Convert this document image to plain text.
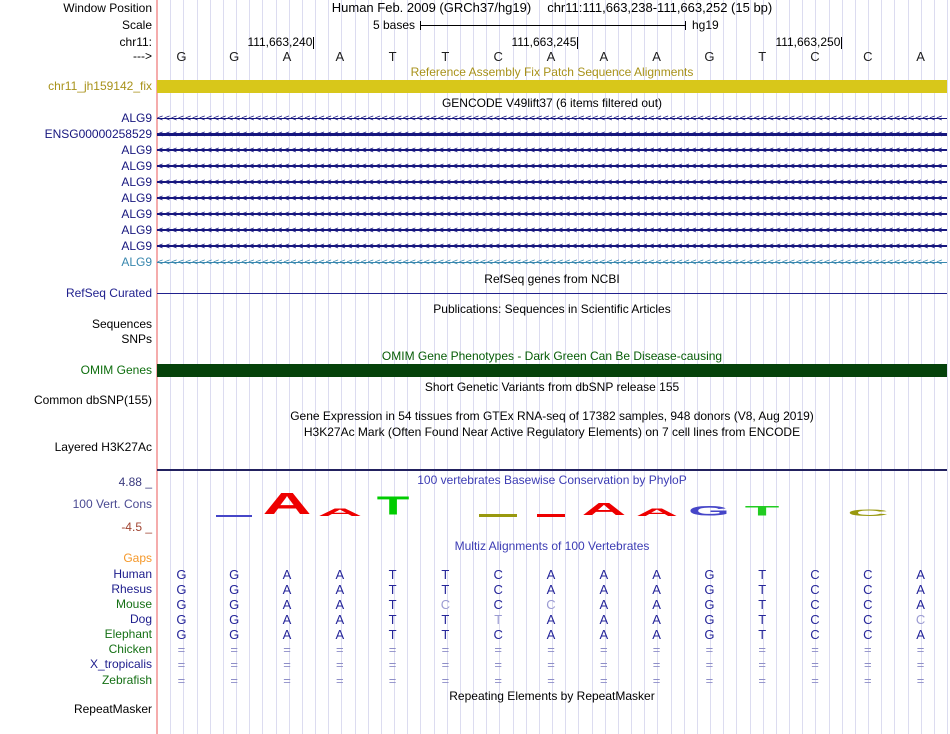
Window Position	Human Feb. 2009 (GRCh37/hg19) chr11:111,663,238-111,663,252 (15 bp)
Scale	5 bases	hg19
chr11:
--->
Reference Assembly Fix Patch Sequence Alignments
chr11_jh159142_fix
GENCODE V49lift37 (6 items filtered out)
RefSeq genes from NCBI
RefSeq Curated
Publications: Sequences in Scientific Articles
Sequences
SNPs
OMIM Gene Phenotypes - Dark Green Can Be Disease-causing
OMIM Genes
Short Genetic Variants from dbSNP release 155
Common dbSNP(155)
Gene Expression in 54 tissues from GTEx RNA-seq of 17382 samples, 948 donors (V8, Aug 2019)
H3K27Ac Mark (Often Found Near Active Regulatory Elements) on 7 cell lines from ENCODE
Layered H3K27Ac
100 vertebrates Basewise Conservation by PhyloP
4.88 _
100 Vert. Cons
-4.5 _
A A T	A A G T	C
Multiz Alignments of 100 Vertebrates
Gaps
Repeating Elements by RepeatMasker
RepeatMasker
111,663,240	111,663,245	111,663,250
G	G	A	A	T	T	C	A	A	A	G	T	C	C	A
ALG9 <<<<<<<<<<<<<<<<<<<<<<<<<<<<<<<<<<<<<<<<<<<<<<<<<<<<<<<<<<<<<<<<<<<<<<<<<<<<<<<<<<<<<<<<<<<<<<<<<<<<<<<<<<<<<<<<
ENSG00000258529 <<<<<<<<<<<<<<<<<<<<<<<<<<<<<<<<<<<<<<<<<<<<<<<<<<<<<<<<<<<<<<<<<<<<<<<<<<<<<<<<<<<<<<<<<<<<<<<<<<<<<<<<<<<<<<<<
ALG9 <<<<<<<<<<<<<<<<<<<<<<<<<<<<<<<<<<<<<<<<<<<<<<<<<<<<<<<<<<<<<<<<<<<<<<<<<<<<<<<<<<<<<<<<<<<<<<<<<<<<<<<<<<<<<<<<
ALG9 <<<<<<<<<<<<<<<<<<<<<<<<<<<<<<<<<<<<<<<<<<<<<<<<<<<<<<<<<<<<<<<<<<<<<<<<<<<<<<<<<<<<<<<<<<<<<<<<<<<<<<<<<<<<<<<<
ALG9 <<<<<<<<<<<<<<<<<<<<<<<<<<<<<<<<<<<<<<<<<<<<<<<<<<<<<<<<<<<<<<<<<<<<<<<<<<<<<<<<<<<<<<<<<<<<<<<<<<<<<<<<<<<<<<<<
ALG9 <<<<<<<<<<<<<<<<<<<<<<<<<<<<<<<<<<<<<<<<<<<<<<<<<<<<<<<<<<<<<<<<<<<<<<<<<<<<<<<<<<<<<<<<<<<<<<<<<<<<<<<<<<<<<<<<
ALG9 <<<<<<<<<<<<<<<<<<<<<<<<<<<<<<<<<<<<<<<<<<<<<<<<<<<<<<<<<<<<<<<<<<<<<<<<<<<<<<<<<<<<<<<<<<<<<<<<<<<<<<<<<<<<<<<<
ALG9 <<<<<<<<<<<<<<<<<<<<<<<<<<<<<<<<<<<<<<<<<<<<<<<<<<<<<<<<<<<<<<<<<<<<<<<<<<<<<<<<<<<<<<<<<<<<<<<<<<<<<<<<<<<<<<<<
ALG9 <<<<<<<<<<<<<<<<<<<<<<<<<<<<<<<<<<<<<<<<<<<<<<<<<<<<<<<<<<<<<<<<<<<<<<<<<<<<<<<<<<<<<<<<<<<<<<<<<<<<<<<<<<<<<<<<
ALG9 <<<<<<<<<<<<<<<<<<<<<<<<<<<<<<<<<<<<<<<<<<<<<<<<<<<<<<<<<<<<<<<<<<<<<<<<<<<<<<<<<<<<<<<<<<<<<<<<<<<<<<<<<<<<<<<<
Human G	G	A	A	T	T	C	A	A	A	G	T	C	C	A
Rhesus G	G	A	A	T	T	C	A	A	A	G	T	C	C	A
Mouse G	G	A	A	T	C	C	C	A	A	G	T	C	C	A
Dog G	G	A	A	T	T	T	A	A	A	G	T	C	C	C
Elephant G	G	A	A	T	T	C	A	A	A	G	T	C	C	A
Chicken =	=	=	=	=	=	=	=	=	=	=	=	=	=	=
X_tropicalis =	=	=	=	=	=	=	=	=	=	=	=	=	=	=
Zebrafish =	=	=	=	=	=	=	=	=	=	=	=	=	=	=
